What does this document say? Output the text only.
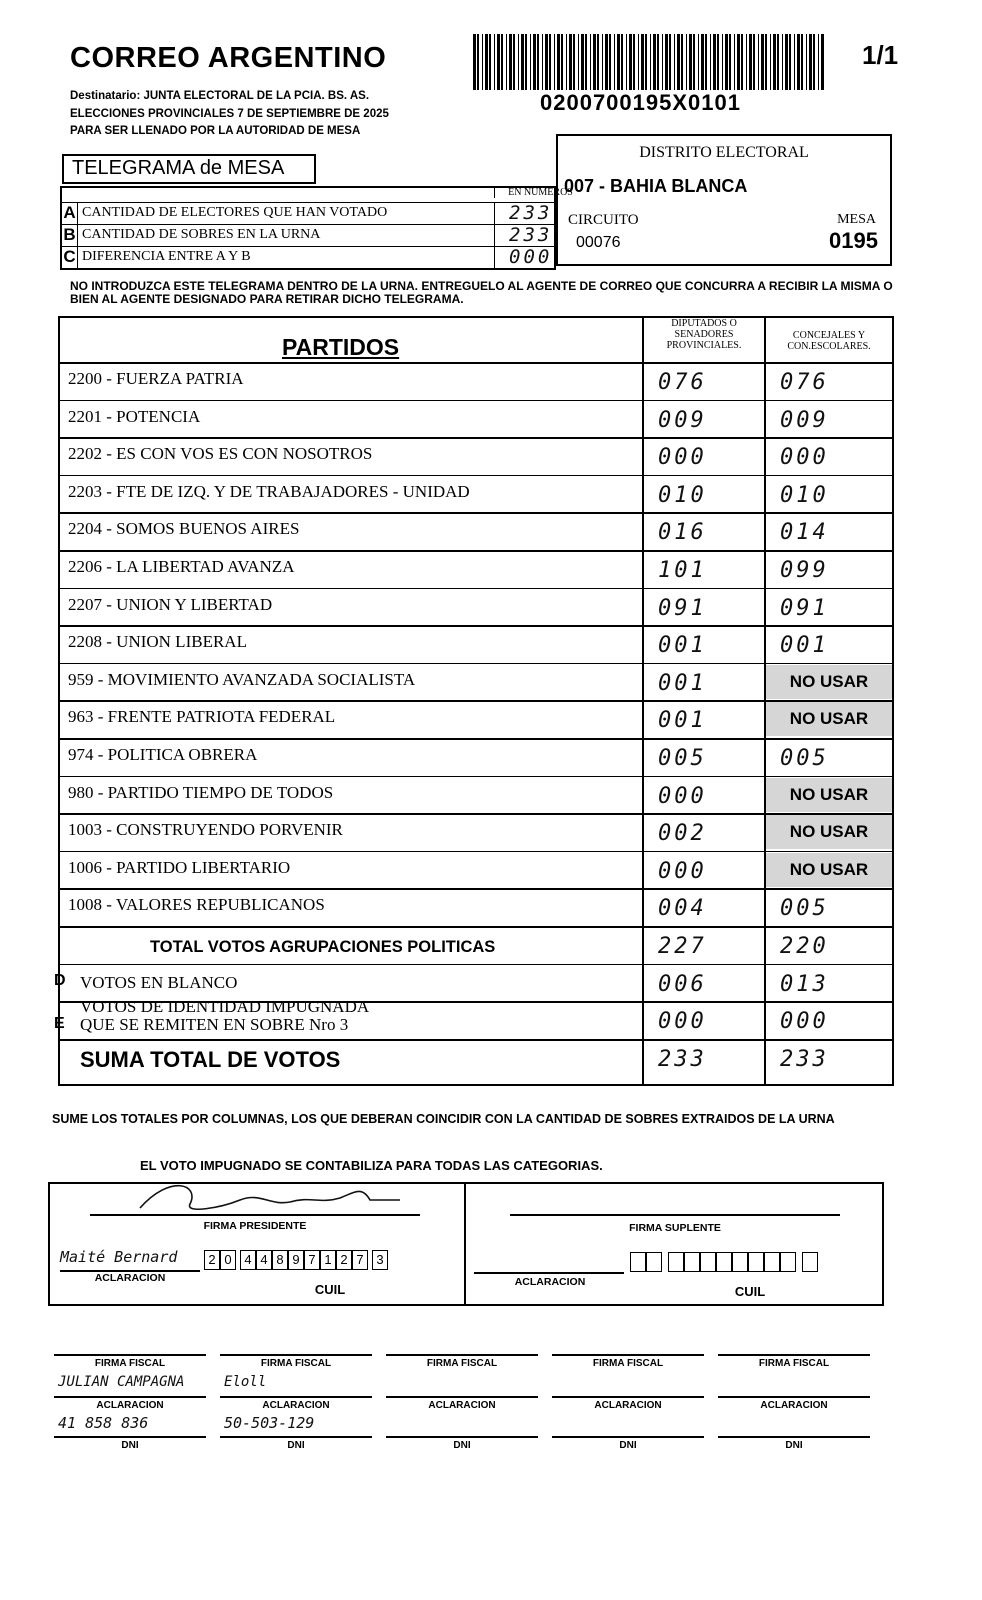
CORREO ARGENTINO
Destinatario: JUNTA ELECTORAL DE LA PCIA. BS. AS.
ELECCIONES PROVINCIALES 7 DE SEPTIEMBRE DE 2025
PARA SER LLENADO POR LA AUTORIDAD DE MESA
1/1
0200700195X0101
TELEGRAMA de MESA
EN NUMEROS
A CANTIDAD DE ELECTORES QUE HAN VOTADO	233
B CANTIDAD DE SOBRES EN LA URNA	233
C DIFERENCIA ENTRE A Y B	000
DISTRITO ELECTORAL
007 - BAHIA BLANCA
CIRCUITO
00076
MESA
0195
NO INTRODUZCA ESTE TELEGRAMA DENTRO DE LA URNA. ENTREGUELO AL AGENTE DE CORREO QUE CONCURRA A RECIBIR LA MISMA O BIEN AL AGENTE DESIGNADO PARA RETIRAR DICHO TELEGRAMA.
PARTIDOS
DIPUTADOS O
SENADORES
PROVINCIALES.
CONCEJALES Y
CON.ESCOLARES.
2200 - FUERZA PATRIA	076	076
2201 - POTENCIA	009	009
2202 - ES CON VOS ES CON NOSOTROS	000	000
2203 - FTE DE IZQ. Y DE TRABAJADORES - UNIDAD	010	010
2204 - SOMOS BUENOS AIRES	016	014
2206 - LA LIBERTAD AVANZA	101	099
2207 - UNION Y LIBERTAD	091	091
2208 - UNION LIBERAL	001	001
959 - MOVIMIENTO AVANZADA SOCIALISTA	001	NO USAR
963 - FRENTE PATRIOTA FEDERAL	001	NO USAR
974 - POLITICA OBRERA	005	005
980 - PARTIDO TIEMPO DE TODOS	000	NO USAR
1003 - CONSTRUYENDO PORVENIR	002	NO USAR
1006 - PARTIDO LIBERTARIO	000	NO USAR
1008 - VALORES REPUBLICANOS	004	005
TOTAL VOTOS AGRUPACIONES POLITICAS	227	220
D VOTOS EN BLANCO	006	013
E
VOTOS DE IDENTIDAD IMPUGNADA
QUE SE REMITEN EN SOBRE Nro 3	000	000
SUMA TOTAL DE VOTOS	233	233
SUME LOS TOTALES POR COLUMNAS, LOS QUE DEBERAN COINCIDIR CON LA CANTIDAD DE SOBRES EXTRAIDOS DE LA URNA
EL VOTO IMPUGNADO SE CONTABILIZA PARA TODAS LAS CATEGORIAS.
FIRMA PRESIDENTE
Maité Bernard
ACLARACION
2 0 4 4 8 9 7 1 2 7 3
CUIL
FIRMA SUPLENTE
ACLARACION
CUIL
FIRMA FISCAL
JULIAN CAMPAGNA
ACLARACION
41 858 836
DNI
FIRMA FISCAL
Eloll
ACLARACION
50-503-129
DNI
FIRMA FISCAL
ACLARACION
DNI
FIRMA FISCAL
ACLARACION
DNI
FIRMA FISCAL
ACLARACION
DNI
